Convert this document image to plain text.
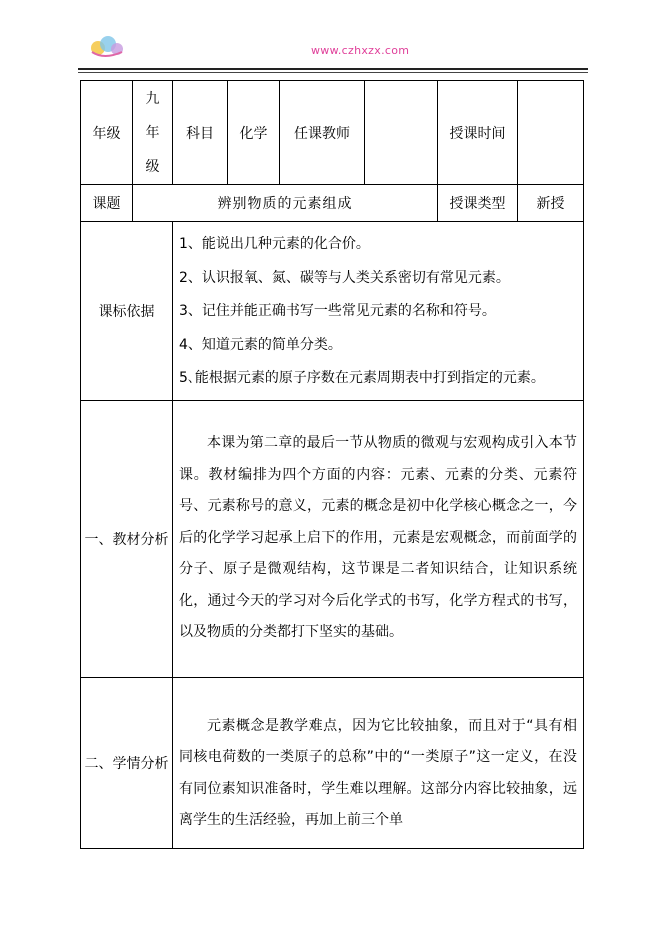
www.czhxzx.com
年级	九
年
级	科目	化学	任课教师		授课时间	
课题	辨别物质的元素组成					授课类型	新授
课标依据		1、能说出几种元素的化合价。
2、认识报氧、氮、碳等与人类关系密切有常见元素。
3、记住并能正确书写一些常见元素的名称和符号。
4、知道元素的简单分类。
5､能根据元素的原子序数在元素周期表中打到指定的元素。					

一、教材分析		本课为第二章的最后一节从物质的微观与宏观构成引入本节课。教材编排为四个方面的内容：元素、元素的分类、元素符号、元素称号的意义，元素的概念是初中化学核心概念之一，今后的化学学习起承上启下的作用，元素是宏观概念，而前面学的分子、原子是微观结构，这节课是二者知识结合，让知识系统化，通过今天的学习对今后化学式的书写，化学方程式的书写，以及物质的分类都打下坚实的基础。					
二、学情分析		元素概念是教学难点，因为它比较抽象，而且对于“具有相同核电荷数的一类原子的总称”中的“一类原子”这一定义，在没有同位素知识准备时，学生难以理解。这部分内容比较抽象，远离学生的生活经验，再加上前三个单					
